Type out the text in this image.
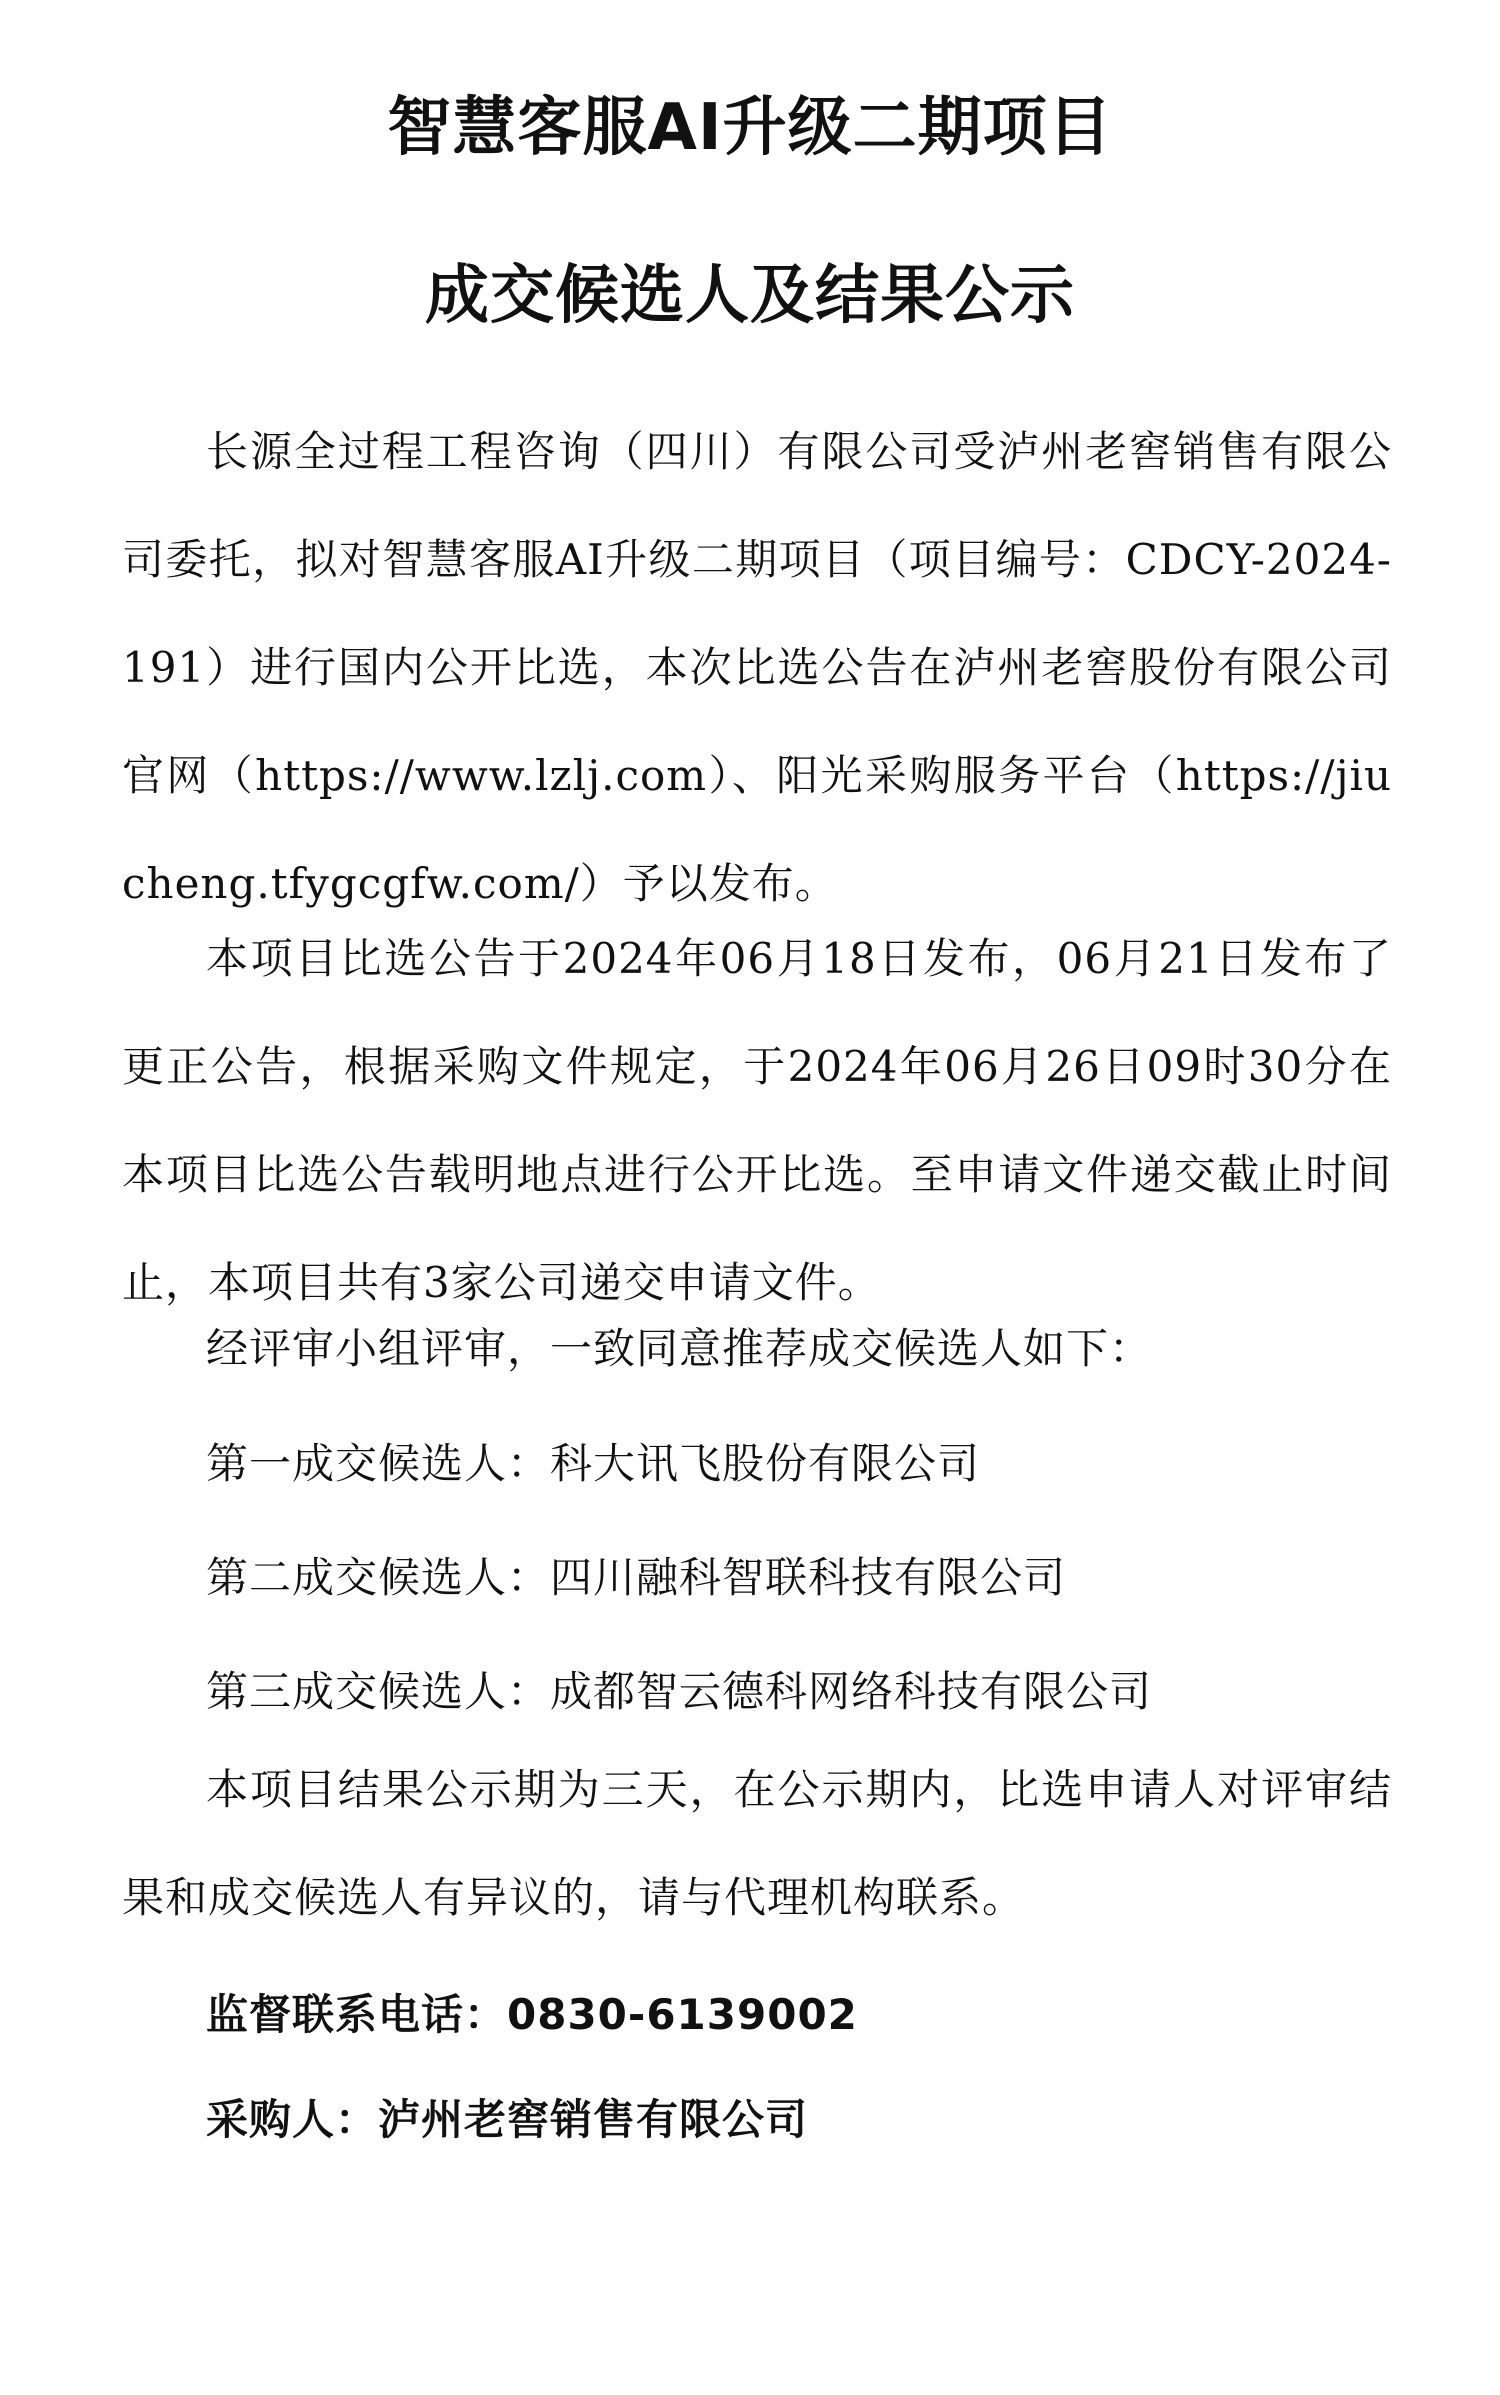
智慧客服AI升级二期项目
成交候选人及结果公示

长源全过程工程咨询（四川）有限公司受泸州老窖销售有限公司委托，拟对智慧客服AI升级二期项目（项目编号：CDCY-2024-191）进行国内公开比选，本次比选公告在泸州老窖股份有限公司官网（https://www.lzlj.com）、阳光采购服务平台（https://jiucheng.tfygcgfw.com/）予以发布。

本项目比选公告于2024年06月18日发布，06月21日发布了更正公告，根据采购文件规定，于2024年06月26日09时30分在本项目比选公告载明地点进行公开比选。至申请文件递交截止时间止，本项目共有3家公司递交申请文件。

经评审小组评审，一致同意推荐成交候选人如下：

第一成交候选人：科大讯飞股份有限公司

第二成交候选人：四川融科智联科技有限公司

第三成交候选人：成都智云德科网络科技有限公司

本项目结果公示期为三天，在公示期内，比选申请人对评审结果和成交候选人有异议的，请与代理机构联系。

监督联系电话：0830-6139002

采购人：泸州老窖销售有限公司
